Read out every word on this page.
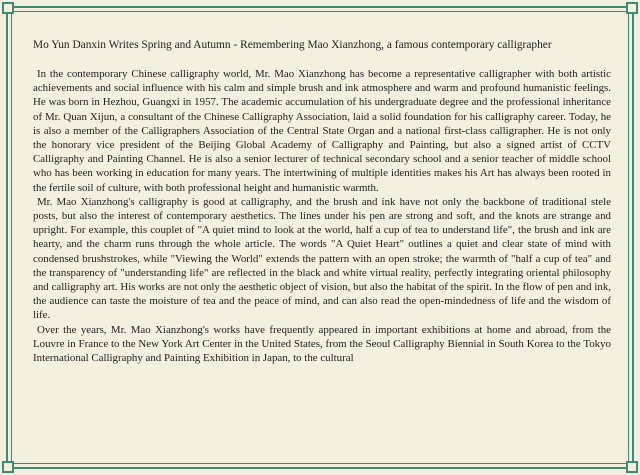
Mo Yun Danxin Writes Spring and Autumn - Remembering Mao Xianzhong, a famous contemporary calligrapher

In the contemporary Chinese calligraphy world, Mr. Mao Xianzhong has become a representative calligrapher with both artistic achievements and social influence with his calm and simple brush and ink atmosphere and warm and profound humanistic feelings. He was born in Hezhou, Guangxi in 1957. The academic accumulation of his undergraduate degree and the professional inheritance of Mr. Quan Xijun, a consultant of the Chinese Calligraphy Association, laid a solid foundation for his calligraphy career. Today, he is also a member of the Calligraphers Association of the Central State Organ and a national first-class calligrapher. He is not only the honorary vice president of the Beijing Global Academy of Calligraphy and Painting, but also a signed artist of CCTV Calligraphy and Painting Channel. He is also a senior lecturer of technical secondary school and a senior teacher of middle school who has been working in education for many years. The intertwining of multiple identities makes his Art has always been rooted in the fertile soil of culture, with both professional height and humanistic warmth.

Mr. Mao Xianzhong's calligraphy is good at calligraphy, and the brush and ink have not only the backbone of traditional stele posts, but also the interest of contemporary aesthetics. The lines under his pen are strong and soft, and the knots are strange and upright. For example, this couplet of "A quiet mind to look at the world, half a cup of tea to understand life", the brush and ink are hearty, and the charm runs through the whole article. The words "A Quiet Heart" outlines a quiet and clear state of mind with condensed brushstrokes, while "Viewing the World" extends the pattern with an open stroke; the warmth of "half a cup of tea" and the transparency of "understanding life" are reflected in the black and white virtual reality, perfectly integrating oriental philosophy and calligraphy art. His works are not only the aesthetic object of vision, but also the habitat of the spirit. In the flow of pen and ink, the audience can taste the moisture of tea and the peace of mind, and can also read the open-mindedness of life and the wisdom of life.

Over the years, Mr. Mao Xianzhong's works have frequently appeared in important exhibitions at home and abroad, from the Louvre in France to the New York Art Center in the United States, from the Seoul Calligraphy Biennial in South Korea to the Tokyo International Calligraphy and Painting Exhibition in Japan, to the cultural
